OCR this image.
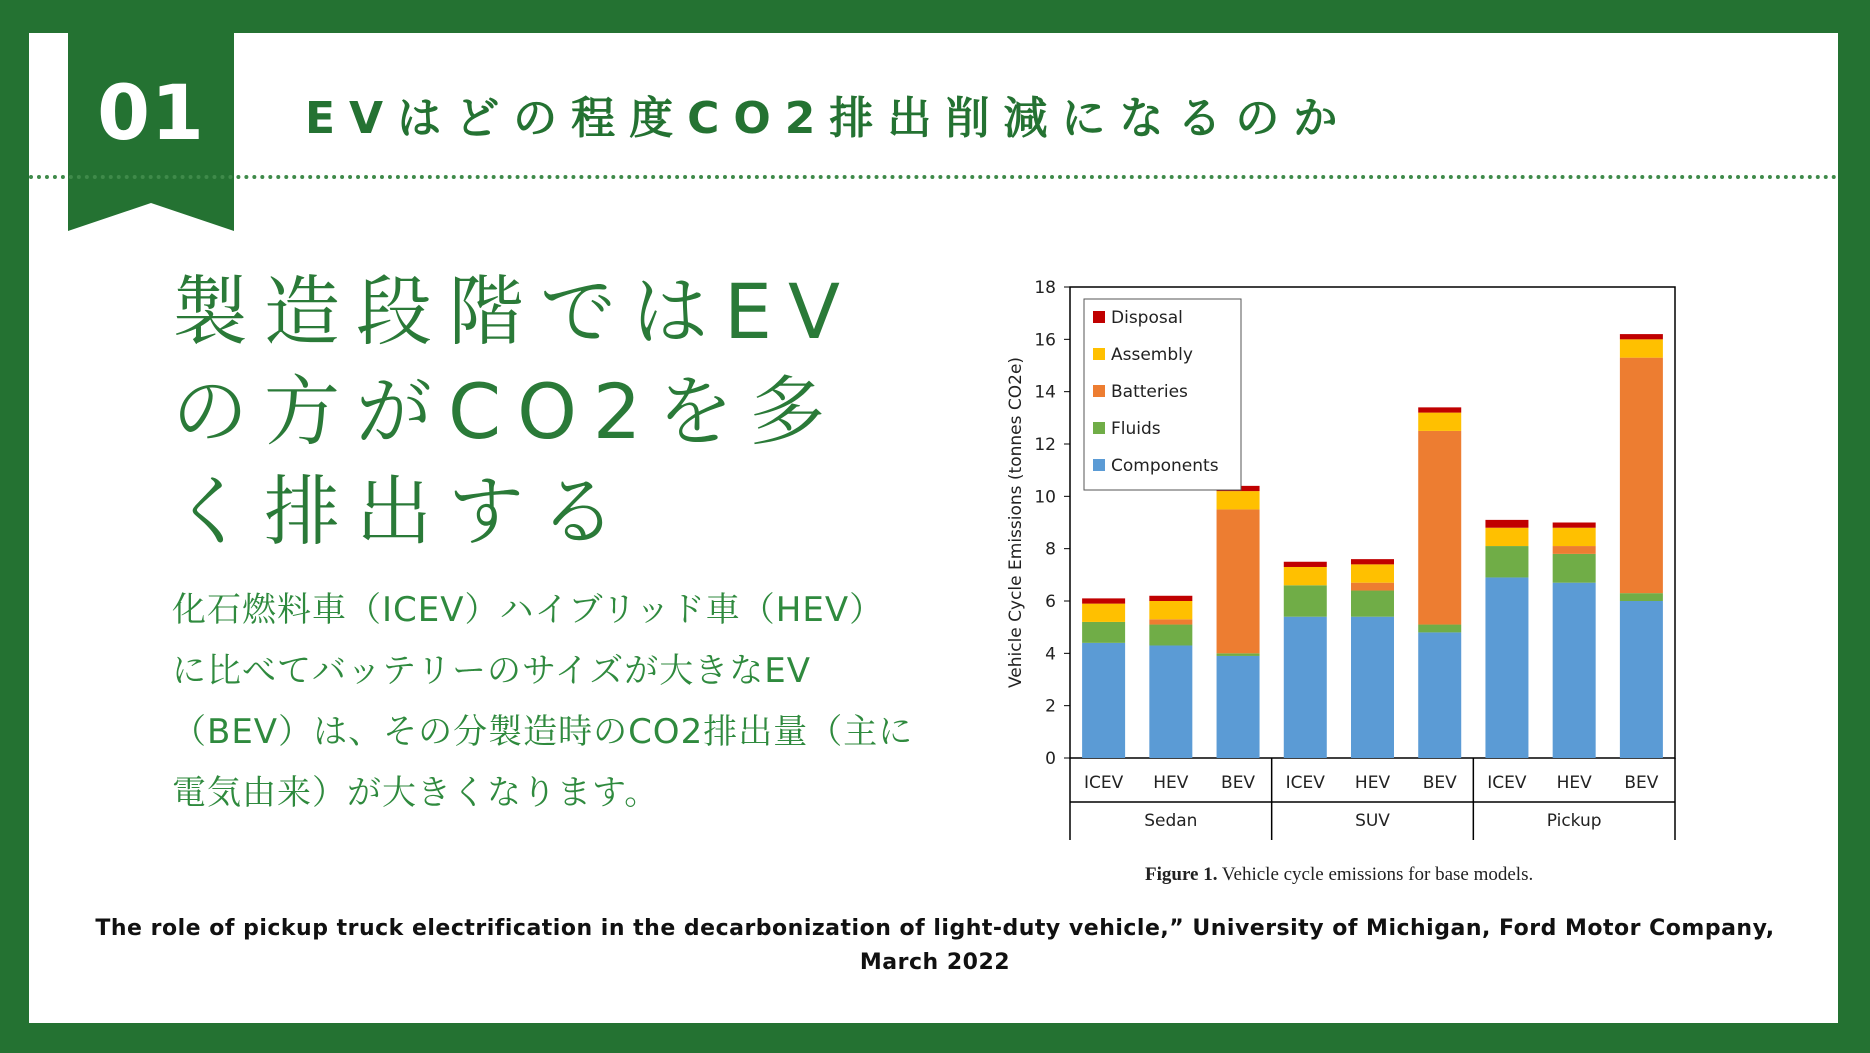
01	EVはどの程度CO2排出削減になるのか
製造段階ではEV
の方がCO2を多
く排出する
化石燃料車（ICEV）ハイブリッド車（HEV）に比べてバッテリーのサイズが大きなEV（BEV）は、その分製造時のCO2排出量（主に電気由来）が大きくなります。
0
2
4
6
8
10
12
14
16
18
Vehicle Cycle Emissions (tonnes CO2e)
ICEV HEV BEV ICEV HEV BEV ICEV HEV BEV
Sedan	SUV	Pickup
Disposal
Assembly
Batteries
Fluids
Components
Figure 1. Vehicle cycle emissions for base models.
The role of pickup truck electrification in the decarbonization of light-duty vehicle,” University of Michigan, Ford Motor Company, March 2022
